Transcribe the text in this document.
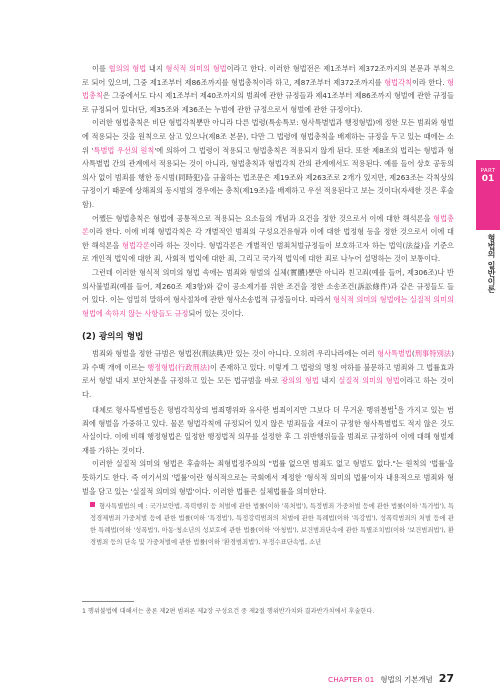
이를 협의의 형법 내지 형식적 의미의 형법이라고 한다. 이러한 형법전은 제1조부터 제372조까지의 본문과 부칙으로 되어 있으며, 그중 제1조부터 제86조까지를 형법총칙이라 하고, 제87조부터 제372조까지를 형법각칙이라 한다. 형법총칙은 그중에서도 다시 제1조부터 제40조까지의 범죄에 관한 규정들과 제41조부터 제86조까지 형벌에 관한 규정들로 규정되어 있다(단, 제35조와 제36조는 누범에 관한 규정으로서 형벌에 관한 규정이다).

이러한 형법총칙은 비단 형법각칙뿐만 아니라 다른 법령(특송특보: 형사특별법과 행정형법)에 정한 모든 범죄와 형벌에 적용되는 것을 원칙으로 삼고 있으나(제8조 본문), 다만 그 법령에 형법총칙을 배제하는 규정을 두고 있는 때에는 소위 '특별법 우선의 원칙'에 의하여 그 법령이 적용되고 형법총칙은 적용되지 않게 된다. 또한 제8조의 법리는 형법과 형사특별법 간의 관계에서 적용되는 것이 아니라, 형법총칙과 형법각칙 간의 관계에서도 적용된다. 예를 들어 상호 공동의 의사 없이 범죄를 행한 동시범(同時犯)을 규율하는 법조문은 제19조와 제263조로 2개가 있지만, 제263조는 각칙상의 규정이기 때문에 상해죄의 동시범의 경우에는 총칙(제19조)을 배제하고 우선 적용된다고 보는 것이다(자세한 것은 후술함).

어쨌든 형법총칙은 형법에 공통적으로 적용되는 요소들의 개념과 요건을 정한 것으로서 이에 대한 해석론을 형법총론이라 한다. 이에 비해 형법각칙은 각 개별적인 범죄의 구성요건유형과 이에 대한 법정형 등을 정한 것으로서 이에 대한 해석론을 형법각론이라 하는 것이다. 형법각론은 개별적인 범죄처벌규정들이 보호하고자 하는 법익(法益)을 기준으로 개인적 법익에 대한 죄, 사회적 법익에 대한 죄, 그리고 국가적 법익에 대한 죄로 나누어 설명하는 것이 보통이다.

그런데 이러한 형식적 의미의 형법 속에는 범죄와 형벌의 실체(實體)뿐만 아니라 친고죄(예를 들어, 제306조)나 반의사불벌죄(예를 들어, 제260조 제3항)와 같이 공소제기를 위한 조건을 정한 소송조건(訴訟條件)과 같은 규정들도 들어 있다. 이는 엄밀히 말하여 형사절차에 관한 형사소송법적 규정들이다. 따라서 형식적 의미의 형법에는 실질적 의미의 형법에 속하지 않는 사항들도 규정되어 있는 것이다.

(2) 광의의 형법

범죄와 형벌을 정한 규범은 형법전(刑法典)만 있는 것이 아니다. 오히려 우리나라에는 여러 형사특별법(刑事特別法)과 수백 개에 이르는 행정형법(行政刑法)이 존재하고 있다. 이렇게 그 법령의 명칭 여하를 불문하고 범죄와 그 법률효과로서 형벌 내지 보안처분을 규정하고 있는 모든 법규범을 바로 광의의 형법 내지 실질적 의미의 형법이라고 하는 것이다.

대체로 형사특별법들은 형법각칙상의 범죄행위와 유사한 범죄이지만 그보다 더 무거운 행위불법$^1$을 가지고 있는 범죄에 형벌을 가중하고 있다. 물론 형법각칙에 규정되어 있지 않은 범죄들을 새로이 규정한 형사특별법도 적지 않은 것도 사실이다. 이에 비해 행정형법은 일정한 행정법적 의무를 설정한 후 그 위반행위들을 범죄로 규정하여 이에 대해 형벌제재를 가하는 것이다.

이러한 실질적 의미의 형법은 후술하는 죄형법정주의의 "법률 없으면 범죄도 없고 형벌도 없다."는 원칙의 '법률'을 뜻하기도 한다. 즉 여기서의 '법률'이란 형식적으로는 국회에서 제정한 '형식적 의미의 법률'이자 내용적으로 범죄와 형벌을 담고 있는 '실질적 의미의 형법'이다. 이러한 법률은 실체법률을 의미한다.

형사특별법의 예 : 국가보안법, 폭력행위 등 처벌에 관한 법률(이하 '폭처법'), 특정범죄 가중처벌 등에 관한 법률(이하 '특가법'), 특정경제범죄 가중처벌 등에 관한 법률(이하 '특경법'), 특정강력범죄의 처벌에 관한 특례법(이하 '특강법'), 성폭력범죄의 처벌 등에 관한 특례법(이하 '성폭법'), 아동·청소년의 성보호에 관한 법률(이하 '아청법'), 보건범죄단속에 관한 특별조치법(이하 '보건범죄법'), 환경범죄 등의 단속 및 가중처벌에 관한 법률(이하 '환경범죄법'), 부정수표단속법, 소년

1 행위불법에 대해서는 총론 제2편 범죄론 제2장 구성요건 중 제2절 행위반가치와 결과반가치에서 후술한다.
PART
01
형법의 일반이론
CHAPTER 01 형법의 기본개념 27
